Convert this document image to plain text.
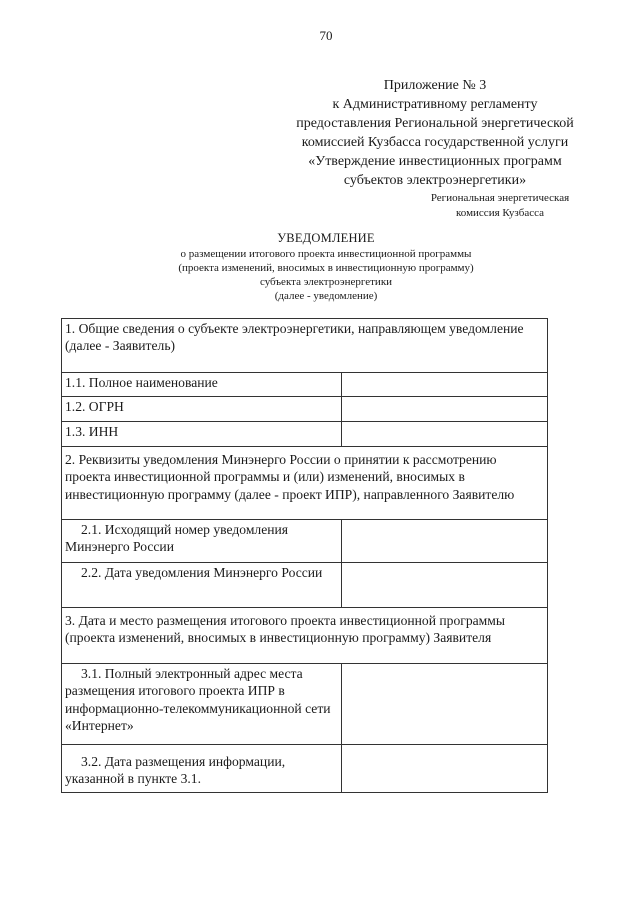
70
Приложение № 3
к Административному регламенту
предоставления Региональной энергетической
комиссией Кузбасса государственной услуги
«Утверждение инвестиционных программ
субъектов электроэнергетики»
Региональная энергетическая
комиссия Кузбасса
УВЕДОМЛЕНИЕ
о размещении итогового проекта инвестиционной программы
(проекта изменений, вносимых в инвестиционную программу)
субъекта электроэнергетики
(далее - уведомление)
1. Общие сведения о субъекте электроэнергетики, направляющем уведомление
(далее - Заявитель)	

1.1. Полное наименование	
1.2. ОГРН	
1.3. ИНН	
2. Реквизиты уведомления Минэнерго России о принятии к рассмотрению проекта инвестиционной программы и (или) изменений, вносимых в инвестиционную программу (далее - проект ИПР), направленного Заявителю	
2.1. Исходящий номер уведомления Минэнерго России	
2.2. Дата уведомления Минэнерго России	
3. Дата и место размещения итогового проекта инвестиционной программы (проекта изменений, вносимых в инвестиционную программу) Заявителя	
3.1. Полный электронный адрес места размещения итогового проекта ИПР в информационно-телекоммуникационной сети «Интернет»	
3.2. Дата размещения информации, указанной в пункте 3.1.	
